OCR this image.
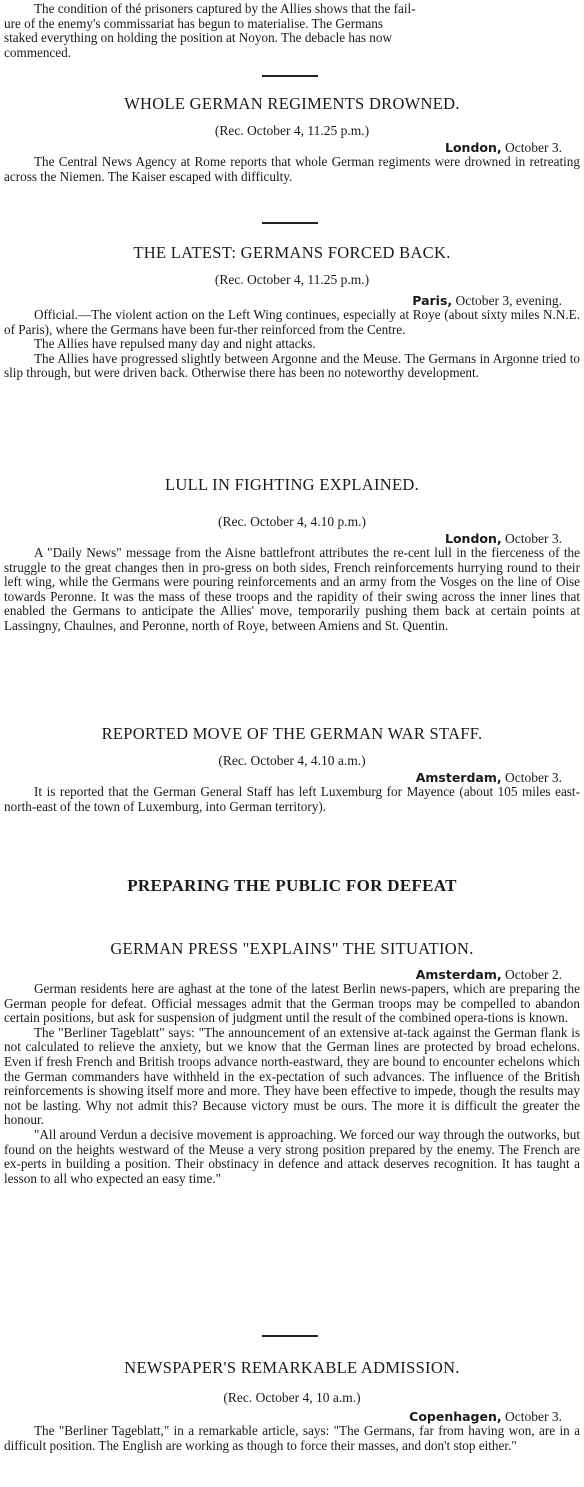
The condition of thé prisoners captured by the Allies shows that the fail-
ure of the enemy's commissariat has begun to materialise. The Germans
staked everything on holding the position at Noyon. The debacle has now
commenced.

WHOLE GERMAN REGIMENTS DROWNED.

(Rec. October 4, 11.25 p.m.)

London, October 3.

The Central News Agency at Rome reports that whole German regiments were drowned in retreating across the Niemen. The Kaiser escaped with difficulty.

THE LATEST: GERMANS FORCED BACK.

(Rec. October 4, 11.25 p.m.)

Paris, October 3, evening.

Official.—The violent action on the Left Wing continues, especially at Roye (about sixty miles N.N.E. of Paris), where the Germans have been fur-ther reinforced from the Centre.

The Allies have repulsed many day and night attacks.

The Allies have progressed slightly between Argonne and the Meuse. The Germans in Argonne tried to slip through, but were driven back. Otherwise there has been no noteworthy development.

LULL IN FIGHTING EXPLAINED.

(Rec. October 4, 4.10 p.m.)

London, October 3.

A "Daily News" message from the Aisne battlefront attributes the re-cent lull in the fierceness of the struggle to the great changes then in pro-gress on both sides, French reinforcements hurrying round to their left wing, while the Germans were pouring reinforcements and an army from the Vosges on the line of Oise towards Peronne. It was the mass of these troops and the rapidity of their swing across the inner lines that enabled the Germans to anticipate the Allies' move, temporarily pushing them back at certain points at Lassingny, Chaulnes, and Peronne, north of Roye, between Amiens and St. Quentin.

REPORTED MOVE OF THE GERMAN WAR STAFF.

(Rec. October 4, 4.10 a.m.)

Amsterdam, October 3.

It is reported that the German General Staff has left Luxemburg for Mayence (about 105 miles east-north-east of the town of Luxemburg, into German territory).

PREPARING THE PUBLIC FOR DEFEAT
GERMAN PRESS "EXPLAINS" THE SITUATION.

Amsterdam, October 2.

German residents here are aghast at the tone of the latest Berlin news-papers, which are preparing the German people for defeat. Official messages admit that the German troops may be compelled to abandon certain positions, but ask for suspension of judgment until the result of the combined opera-tions is known.

The "Berliner Tageblatt" says: "The announcement of an extensive at-tack against the German flank is not calculated to relieve the anxiety, but we know that the German lines are protected by broad echelons. Even if fresh French and British troops advance north-eastward, they are bound to encounter echelons which the German commanders have withheld in the ex-pectation of such advances. The influence of the British reinforcements is showing itself more and more. They have been effective to impede, though the results may not be lasting. Why not admit this? Because victory must be ours. The more it is difficult the greater the honour.

"All around Verdun a decisive movement is approaching. We forced our way through the outworks, but found on the heights westward of the Meuse a very strong position prepared by the enemy. The French are ex-perts in building a position. Their obstinacy in defence and attack deserves recognition. It has taught a lesson to all who expected an easy time."

NEWSPAPER'S REMARKABLE ADMISSION.

(Rec. October 4, 10 a.m.)

Copenhagen, October 3.

The "Berliner Tageblatt," in a remarkable article, says: "The Germans, far from having won, are in a difficult position. The English are working as though to force their masses, and don't stop either."
